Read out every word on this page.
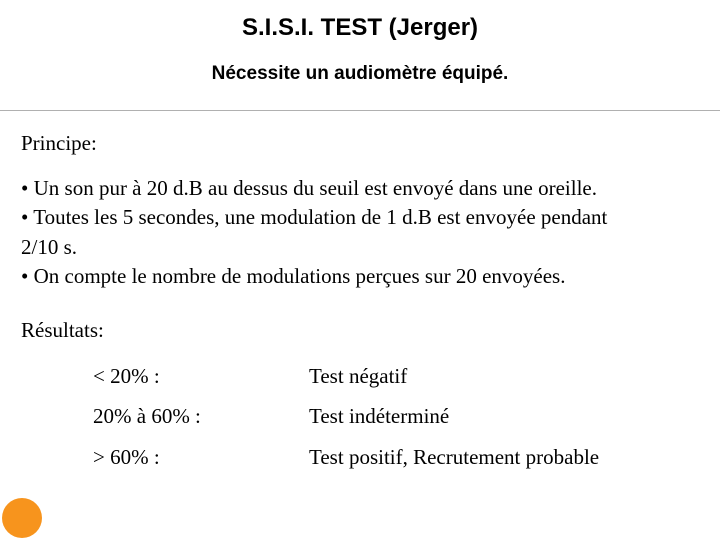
S.I.S.I. TEST (Jerger)
Nécessite un audiomètre équipé.
Principe:
• Un son pur à 20 d.B au dessus du seuil est envoyé dans une oreille.
• Toutes les 5 secondes, une modulation de 1 d.B est envoyée pendant
2/10 s.
• On compte le nombre de modulations perçues sur 20 envoyées.
Résultats:
< 20% :	Test négatif
20% à 60% :	Test indéterminé
> 60% :	Test positif, Recrutement probable
